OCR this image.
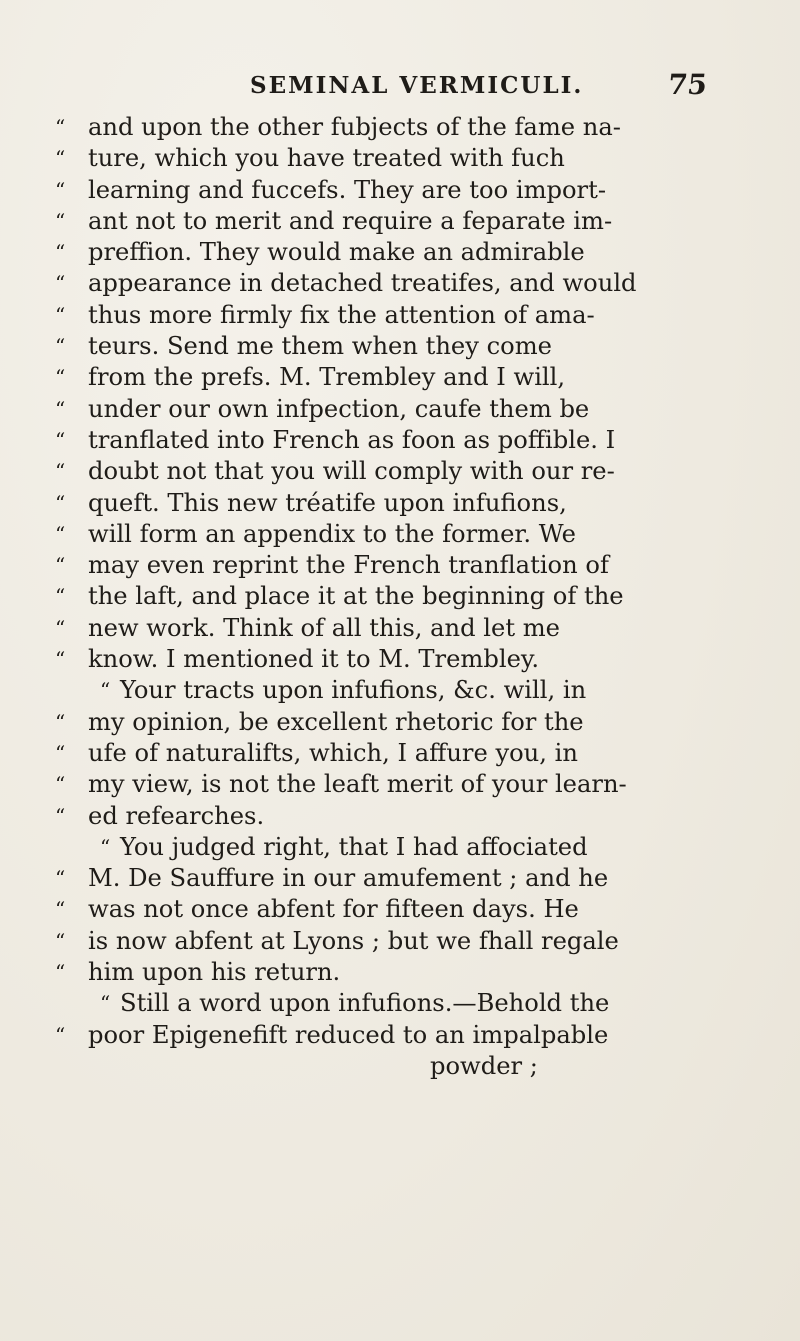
SEMINAL VERMICULI.	75
“ and upon the other fubjects of the fame na-
“ ture, which you have treated with fuch
“ learning and fuccefs. They are too import-
“ ant not to merit and require a feparate im-
“ preffion. They would make an admirable
“ appearance in detached treatifes, and would
“ thus more firmly fix the attention of ama-
“ teurs. Send me them when they come
“ from the prefs. M. Trembley and I will,
“ under our own infpection, caufe them be
“ tranflated into French as foon as poffible. I
“ doubt not that you will comply with our re-
“ queft. This new tréatife upon infufions,
“ will form an appendix to the former. We
“ may even reprint the French tranflation of
“ the laft, and place it at the beginning of the
“ new work. Think of all this, and let me
“ know. I mentioned it to M. Trembley.
“ Your tracts upon infufions, &c. will, in
“ my opinion, be excellent rhetoric for the
“ ufe of naturalifts, which, I affure you, in
“ my view, is not the leaft merit of your learn-
“ ed refearches.
“ You judged right, that I had affociated
“ M. De Sauffure in our amufement ; and he
“ was not once abfent for fifteen days. He
“ is now abfent at Lyons ; but we fhall regale
“ him upon his return.
“ Still a word upon infufions.—Behold the
“ poor Epigenefift reduced to an impalpable
powder ;
